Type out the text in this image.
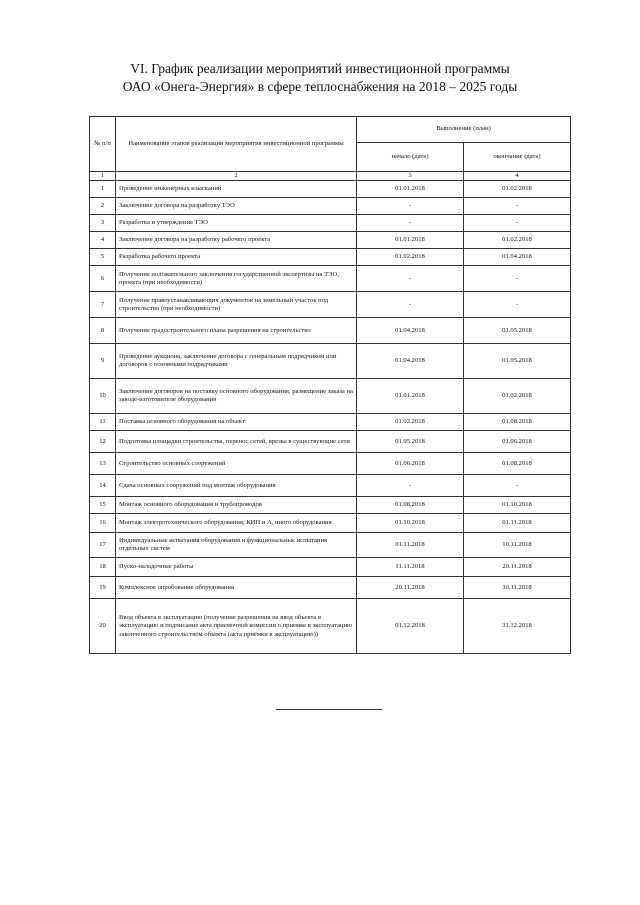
VI. График реализации мероприятий инвестиционной программы
ОАО «Онега-Энергия» в сфере теплоснабжения на 2018 – 2025 годы
№ п/п	Наименование этапов реализации мероприятия инвестиционной программы	Выполнение (план)	
		начало (дата)	окончание (дата)
1	2	3	4
1	Проведение инженерных изысканий	01.01.2018	01.02.2018
2	Заключение договора на разработку ТЭО	-	-
3	Разработка и утверждение ТЭО	-	-
4	Заключение договора на разработку рабочего проекта	01.01.2018	01.02.2018
5	Разработка рабочего проекта	01.02.2018	01.04.2018
6	Получение положительного заключения государственной экспертизы на ТЭО, проекта (при необходимости)	-	-
7	Получение правоустанавливающих документов на земельный участок под строительство (при необходимости)	-	-
8	Получение градостроительного плана разрешения на строительство	01.04.2018	01.05.2018
9	Проведение аукциона, заключение договора с генеральным подрядчиком или договоров с основными подрядчиками	01.04.2018	01.05.2018
10	Заключение договоров на поставку основного оборудования, размещение заказа на заводе-изготовителе оборудования	01.01.2018	01.02.2018
11	Поставка основного оборудования на объект	01.02.2018	01.08.2018
12	Подготовка площадки строительства, перенос сетей, врезка в существующие сети	01.05.2018	01.06.2018
13	Строительство основных сооружений	01.06.2018	01.08.2018
14	Сдача основных сооружений под монтаж оборудования	-	-
15	Монтаж основного оборудования и трубопроводов	01.08.2018	01.10.2018
16	Монтаж электротехнического оборудования, КИП и А, иного оборудования	01.10.2018	01.11.2018
17	Индивидуальные испытания оборудования и функциональные испытания отдельных систем	01.11.2018	10.11.2018
18	Пуско-наладочные работы	11.11.2018	20.11.2018
19	Комплексное опробование оборудования	20.11.2018	30.11.2018
20	Ввод объекта в эксплуатацию (получение разрешения на ввод объекта в эксплуатацию и подписание акта приемочной комиссии о приемке в эксплуатацию законченного строительством объекта (акта приёмки в эксплуатацию))	01.12.2018	31.12.2018
